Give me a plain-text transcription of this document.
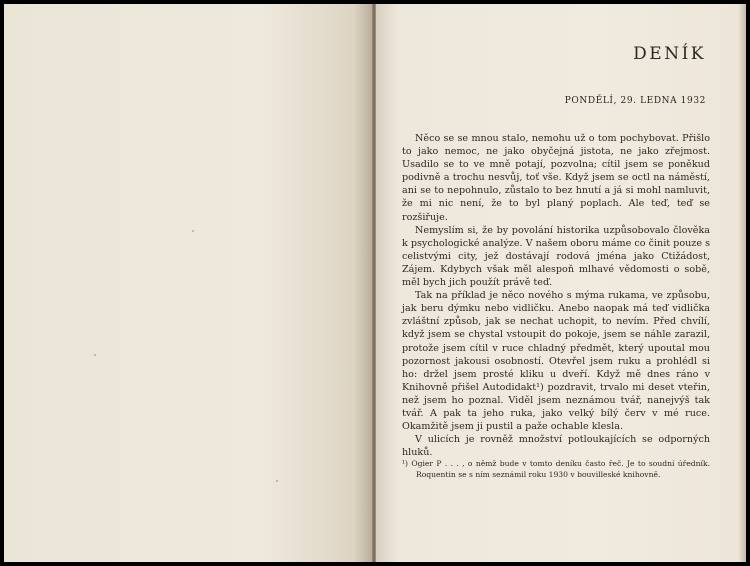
DENÍK

PONDĚLÍ, 29. LEDNA 1932

Něco se se mnou stalo, nemohu už o tom pochybovat. Přišlo to jako nemoc, ne jako obyčejná jistota, ne jako zřejmost. Usadilo se to ve mně potají, pozvolna; cítil jsem se poněkud podivně a trochu nesvůj, toť vše. Když jsem se octl na náměstí, ani se to nepohnulo, zůstalo to bez hnutí a já si mohl namluvit, že mi nic není, že to byl planý poplach. Ale teď, teď se rozšiřuje.

Nemyslím si, že by povolání historika uzpůsobovalo člověka k psychologické analýze. V našem oboru máme co činit pouze s celistvými city, jež dostávají rodová jména jako Ctižádost, Zájem. Kdybych však měl alespoň mlhavé vědomosti o sobě, měl bych jich použít právě teď.

Tak na příklad je něco nového s mýma rukama, ve způsobu, jak beru dýmku nebo vidličku. Anebo naopak má teď vidlička zvláštní způsob, jak se nechat uchopit, to nevím. Před chvílí, když jsem se chystal vstoupit do pokoje, jsem se náhle zarazil, protože jsem cítil v ruce chladný předmět, který upoutal mou pozornost jakousi osobností. Otevřel jsem ruku a prohlédl si ho: držel jsem prosté kliku u dveří. Když mě dnes ráno v Knihovně přišel Autodidakt¹) pozdravit, trvalo mi deset vteřin, než jsem ho poznal. Viděl jsem neznámou tvář, nanejvýš tak tvář. A pak ta jeho ruka, jako velký bílý červ v mé ruce. Okamžitě jsem ji pustil a paže ochable klesla.

V ulicích je rovněž množství potloukajících se odporných hluků.

¹) Ogier P . . . , o němž bude v tomto deníku často řeč. Je to soudní úředník. Roquentin se s ním seznámil roku 1930 v bouvilleské knihovně.
